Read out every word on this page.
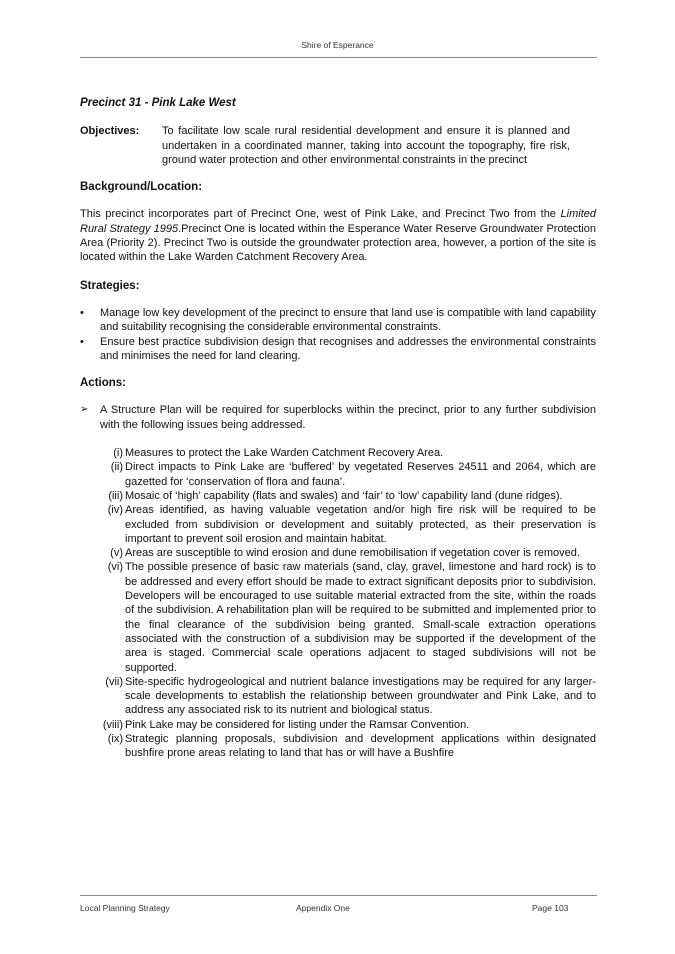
Shire of Esperance

Precinct 31 - Pink Lake West

Objectives:	To facilitate low scale rural residential development and ensure it is planned and undertaken in a coordinated manner, taking into account the topography, fire risk, ground water protection and other environmental constraints in the precinct

Background/Location:

This precinct incorporates part of Precinct One, west of Pink Lake, and Precinct Two from the Limited Rural Strategy 1995.Precinct One is located within the Esperance Water Reserve Groundwater Protection Area (Priority 2). Precinct Two is outside the groundwater protection area, however, a portion of the site is located within the Lake Warden Catchment Recovery Area.

Strategies:

•	Manage low key development of the precinct to ensure that land use is compatible with land capability and suitability recognising the considerable environmental constraints.
•	Ensure best practice subdivision design that recognises and addresses the environmental constraints and minimises the need for land clearing.

Actions:

➢ A Structure Plan will be required for superblocks within the precinct, prior to any further subdivision with the following issues being addressed.
(i) Measures to protect the Lake Warden Catchment Recovery Area.
(ii) Direct impacts to Pink Lake are ‘buffered’ by vegetated Reserves 24511 and 2064, which are gazetted for ‘conservation of flora and fauna’.
(iii) Mosaic of ‘high’ capability (flats and swales) and ‘fair’ to ‘low’ capability land (dune ridges).
(iv) Areas identified, as having valuable vegetation and/or high fire risk will be required to be excluded from subdivision or development and suitably protected, as their preservation is important to prevent soil erosion and maintain habitat.
(v) Areas are susceptible to wind erosion and dune remobilisation if vegetation cover is removed.
(vi) The possible presence of basic raw materials (sand, clay, gravel, limestone and hard rock) is to be addressed and every effort should be made to extract significant deposits prior to subdivision. Developers will be encouraged to use suitable material extracted from the site, within the roads of the subdivision. A rehabilitation plan will be required to be submitted and implemented prior to the final clearance of the subdivision being granted. Small-scale extraction operations associated with the construction of a subdivision may be supported if the development of the area is staged. Commercial scale operations adjacent to staged subdivisions will not be supported.
(vii) Site-specific hydrogeological and nutrient balance investigations may be required for any larger-scale developments to establish the relationship between groundwater and Pink Lake, and to address any associated risk to its nutrient and biological status.
(viii) Pink Lake may be considered for listing under the Ramsar Convention.
(ix) Strategic planning proposals, subdivision and development applications within designated bushfire prone areas relating to land that has or will have a Bushfire
Local Planning Strategy	Appendix One	Page 103
